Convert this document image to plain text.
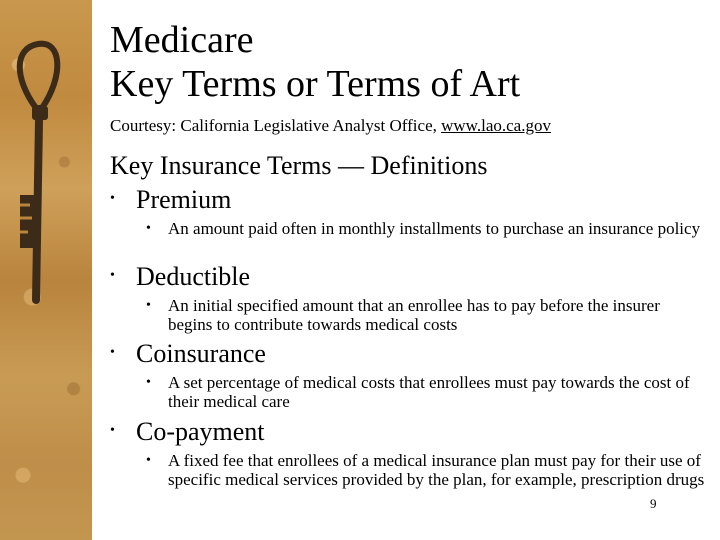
Medicare
Key Terms or Terms of Art
Courtesy: California Legislative Analyst Office, www.lao.ca.gov
Key Insurance Terms — Definitions
• Premium
•	An amount paid often in monthly installments to purchase an insurance policy
• Deductible
•	An initial specified amount that an enrollee has to pay before the insurer begins to contribute towards medical costs
• Coinsurance
•	A set percentage of medical costs that enrollees must pay towards the cost of their medical care
• Co-payment
•	A fixed fee that enrollees of a medical insurance plan must pay for their use of specific medical services provided by the plan, for example, prescription drugs
9
